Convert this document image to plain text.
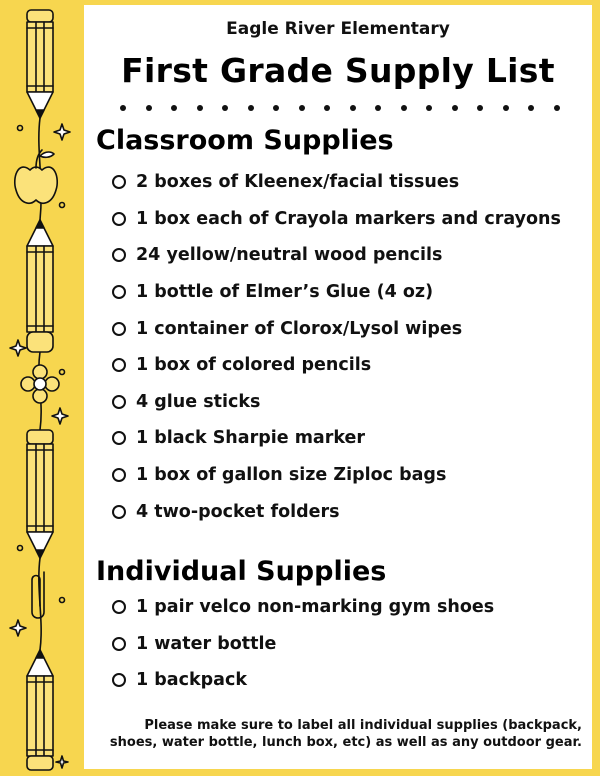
Eagle River Elementary
First Grade Supply List
Classroom Supplies
2 boxes of Kleenex/facial tissues
1 box each of Crayola markers and crayons
24 yellow/neutral wood pencils
1 bottle of Elmer’s Glue (4 oz)
1 container of Clorox/Lysol wipes
1 box of colored pencils
4 glue sticks
1 black Sharpie marker
1 box of gallon size Ziploc bags
4 two-pocket folders
Individual Supplies
1 pair velco non-marking gym shoes
1 water bottle
1 backpack
Please make sure to label all individual supplies (backpack,
shoes, water bottle, lunch box, etc) as well as any outdoor gear.
